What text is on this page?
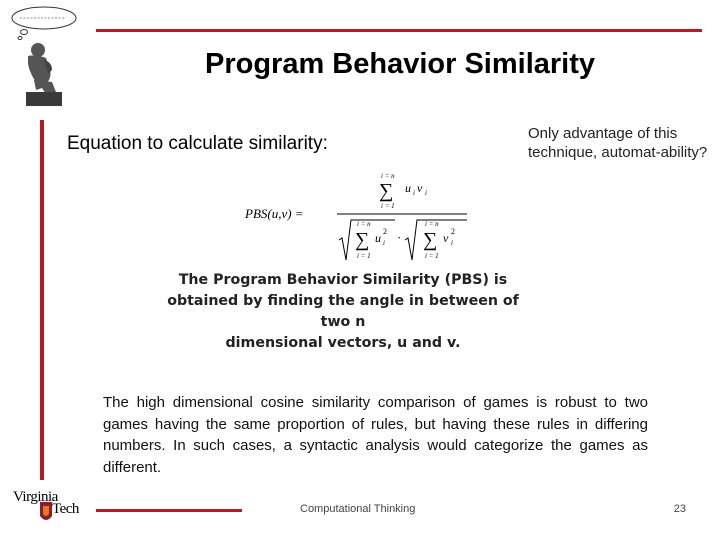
Program Behavior Similarity
Equation to calculate similarity:	Only advantage of this technique, automat-ability?
PBS(u,v) =
i = n
∑ u i v i
i = 1
i = n
∑ u i
2
i = 1
·
i = n
∑ v i
2
i = 1
The Program Behavior Similarity (PBS) is
obtained by finding the angle in between of two n
dimensional vectors, u and v.
The high dimensional cosine similarity comparison of games is robust to two games having the same proportion of rules, but having these rules in differing numbers. In such cases, a syntactic analysis would categorize the games as different.
Virginia
Tech	Computational Thinking	23
